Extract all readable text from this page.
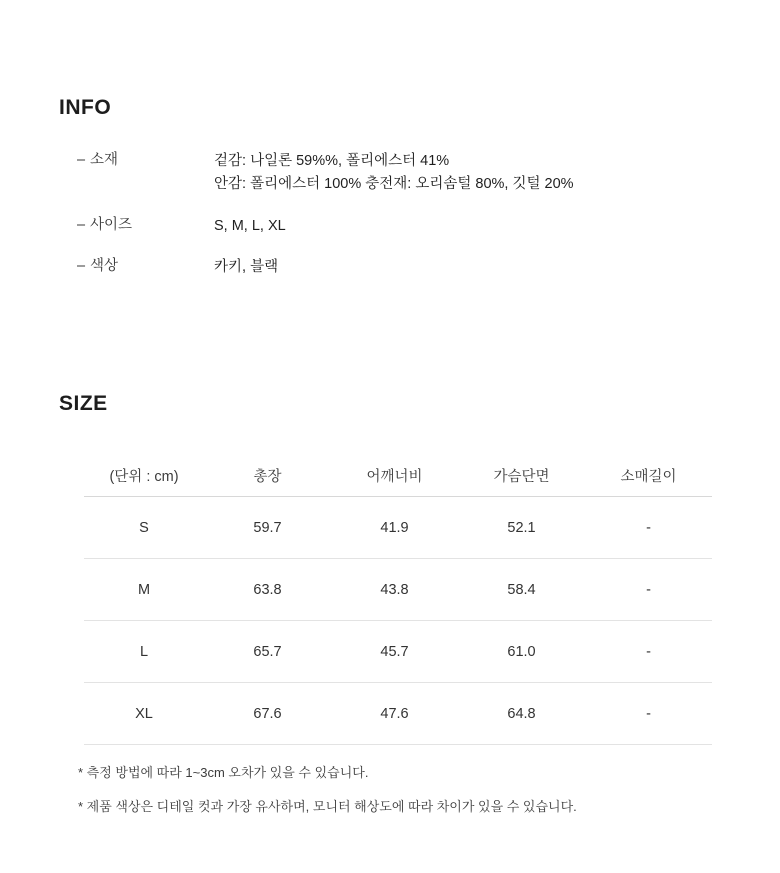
INFO
– 소재	겉감: 나일론 59%%, 폴리에스터 41%
안감: 폴리에스터 100% 충전재: 오리솜털 80%, 깃털 20%
– 사이즈	S, M, L, XL
– 색상	카키, 블랙
SIZE
(단위 : cm)	총장	어깨너비	가슴단면	소매길이
S	59.7	41.9	52.1	-
M	63.8	43.8	58.4	-
L	65.7	45.7	61.0	-
XL	67.6	47.6	64.8	-
* 측정 방법에 따라 1~3cm 오차가 있을 수 있습니다.
* 제품 색상은 디테일 컷과 가장 유사하며, 모니터 해상도에 따라 차이가 있을 수 있습니다.
